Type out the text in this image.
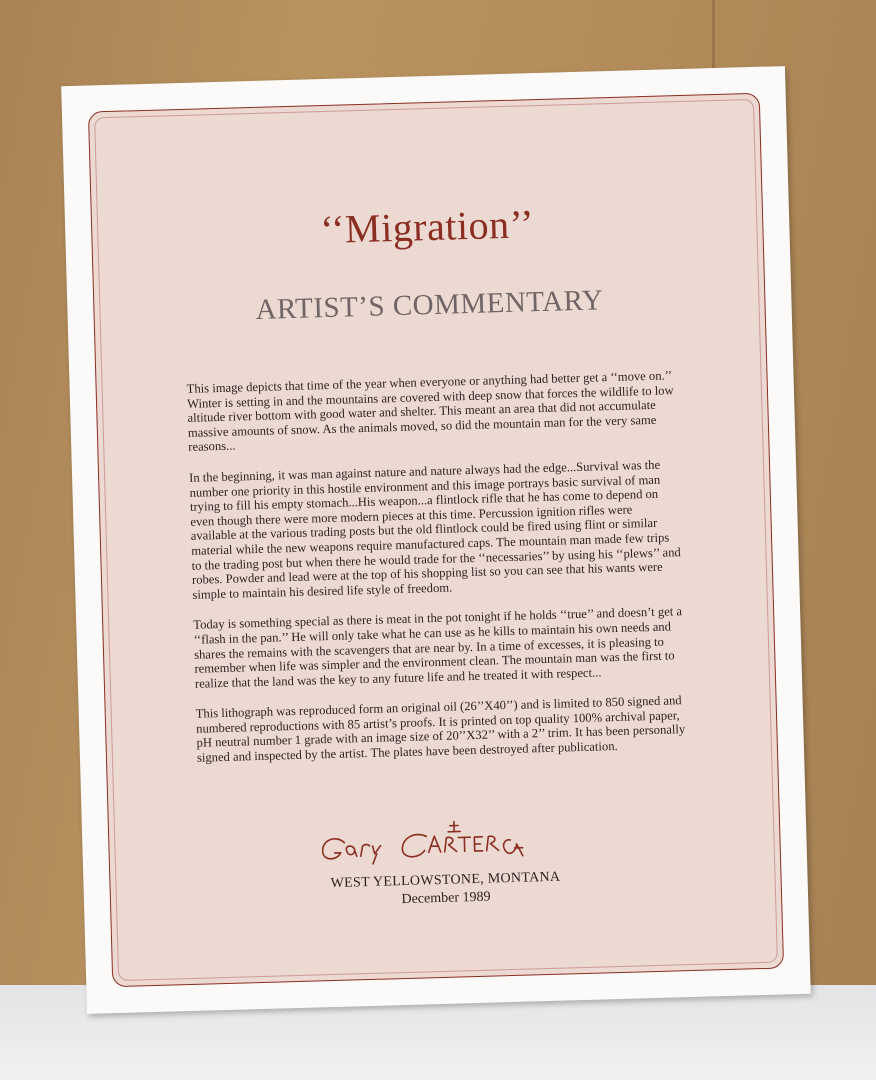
‘‘Migration’’
ARTIST’S COMMENTARY

This image depicts that time of the year when everyone or anything had better get a ‘‘move on.’’ Winter is setting in and the mountains are covered with deep snow that forces the wildlife to low altitude river bottom with good water and shelter. This meant an area that did not accumulate massive amounts of snow. As the animals moved, so did the mountain man for the very same reasons...

In the beginning, it was man against nature and nature always had the edge...Survival was the number one priority in this hostile environment and this image portrays basic survival of man trying to fill his empty stomach...His weapon...a flintlock rifle that he has come to depend on even though there were more modern pieces at this time. Percussion ignition rifles were available at the various trading posts but the old flintlock could be fired using flint or similar material while the new weapons require manufactured caps. The mountain man made few trips to the trading post but when there he would trade for the ‘‘necessaries’’ by using his ‘‘plews’’ and robes. Powder and lead were at the top of his shopping list so you can see that his wants were simple to maintain his desired life style of freedom.

Today is something special as there is meat in the pot tonight if he holds ‘‘true’’ and doesn’t get a ‘‘flash in the pan.’’ He will only take what he can use as he kills to maintain his own needs and shares the remains with the scavengers that are near by. In a time of excesses, it is pleasing to remember when life was simpler and the environment clean. The mountain man was the first to realize that the land was the key to any future life and he treated it with respect...

This lithograph was reproduced form an original oil (26’’X40’’) and is limited to 850 signed and numbered reproductions with 85 artist’s proofs. It is printed on top quality 100% archival paper, pH neutral number 1 grade with an image size of 20’’X32’’ with a 2’’ trim. It has been personally signed and inspected by the artist. The plates have been destroyed after publication.

WEST YELLOWSTONE, MONTANA
December 1989
